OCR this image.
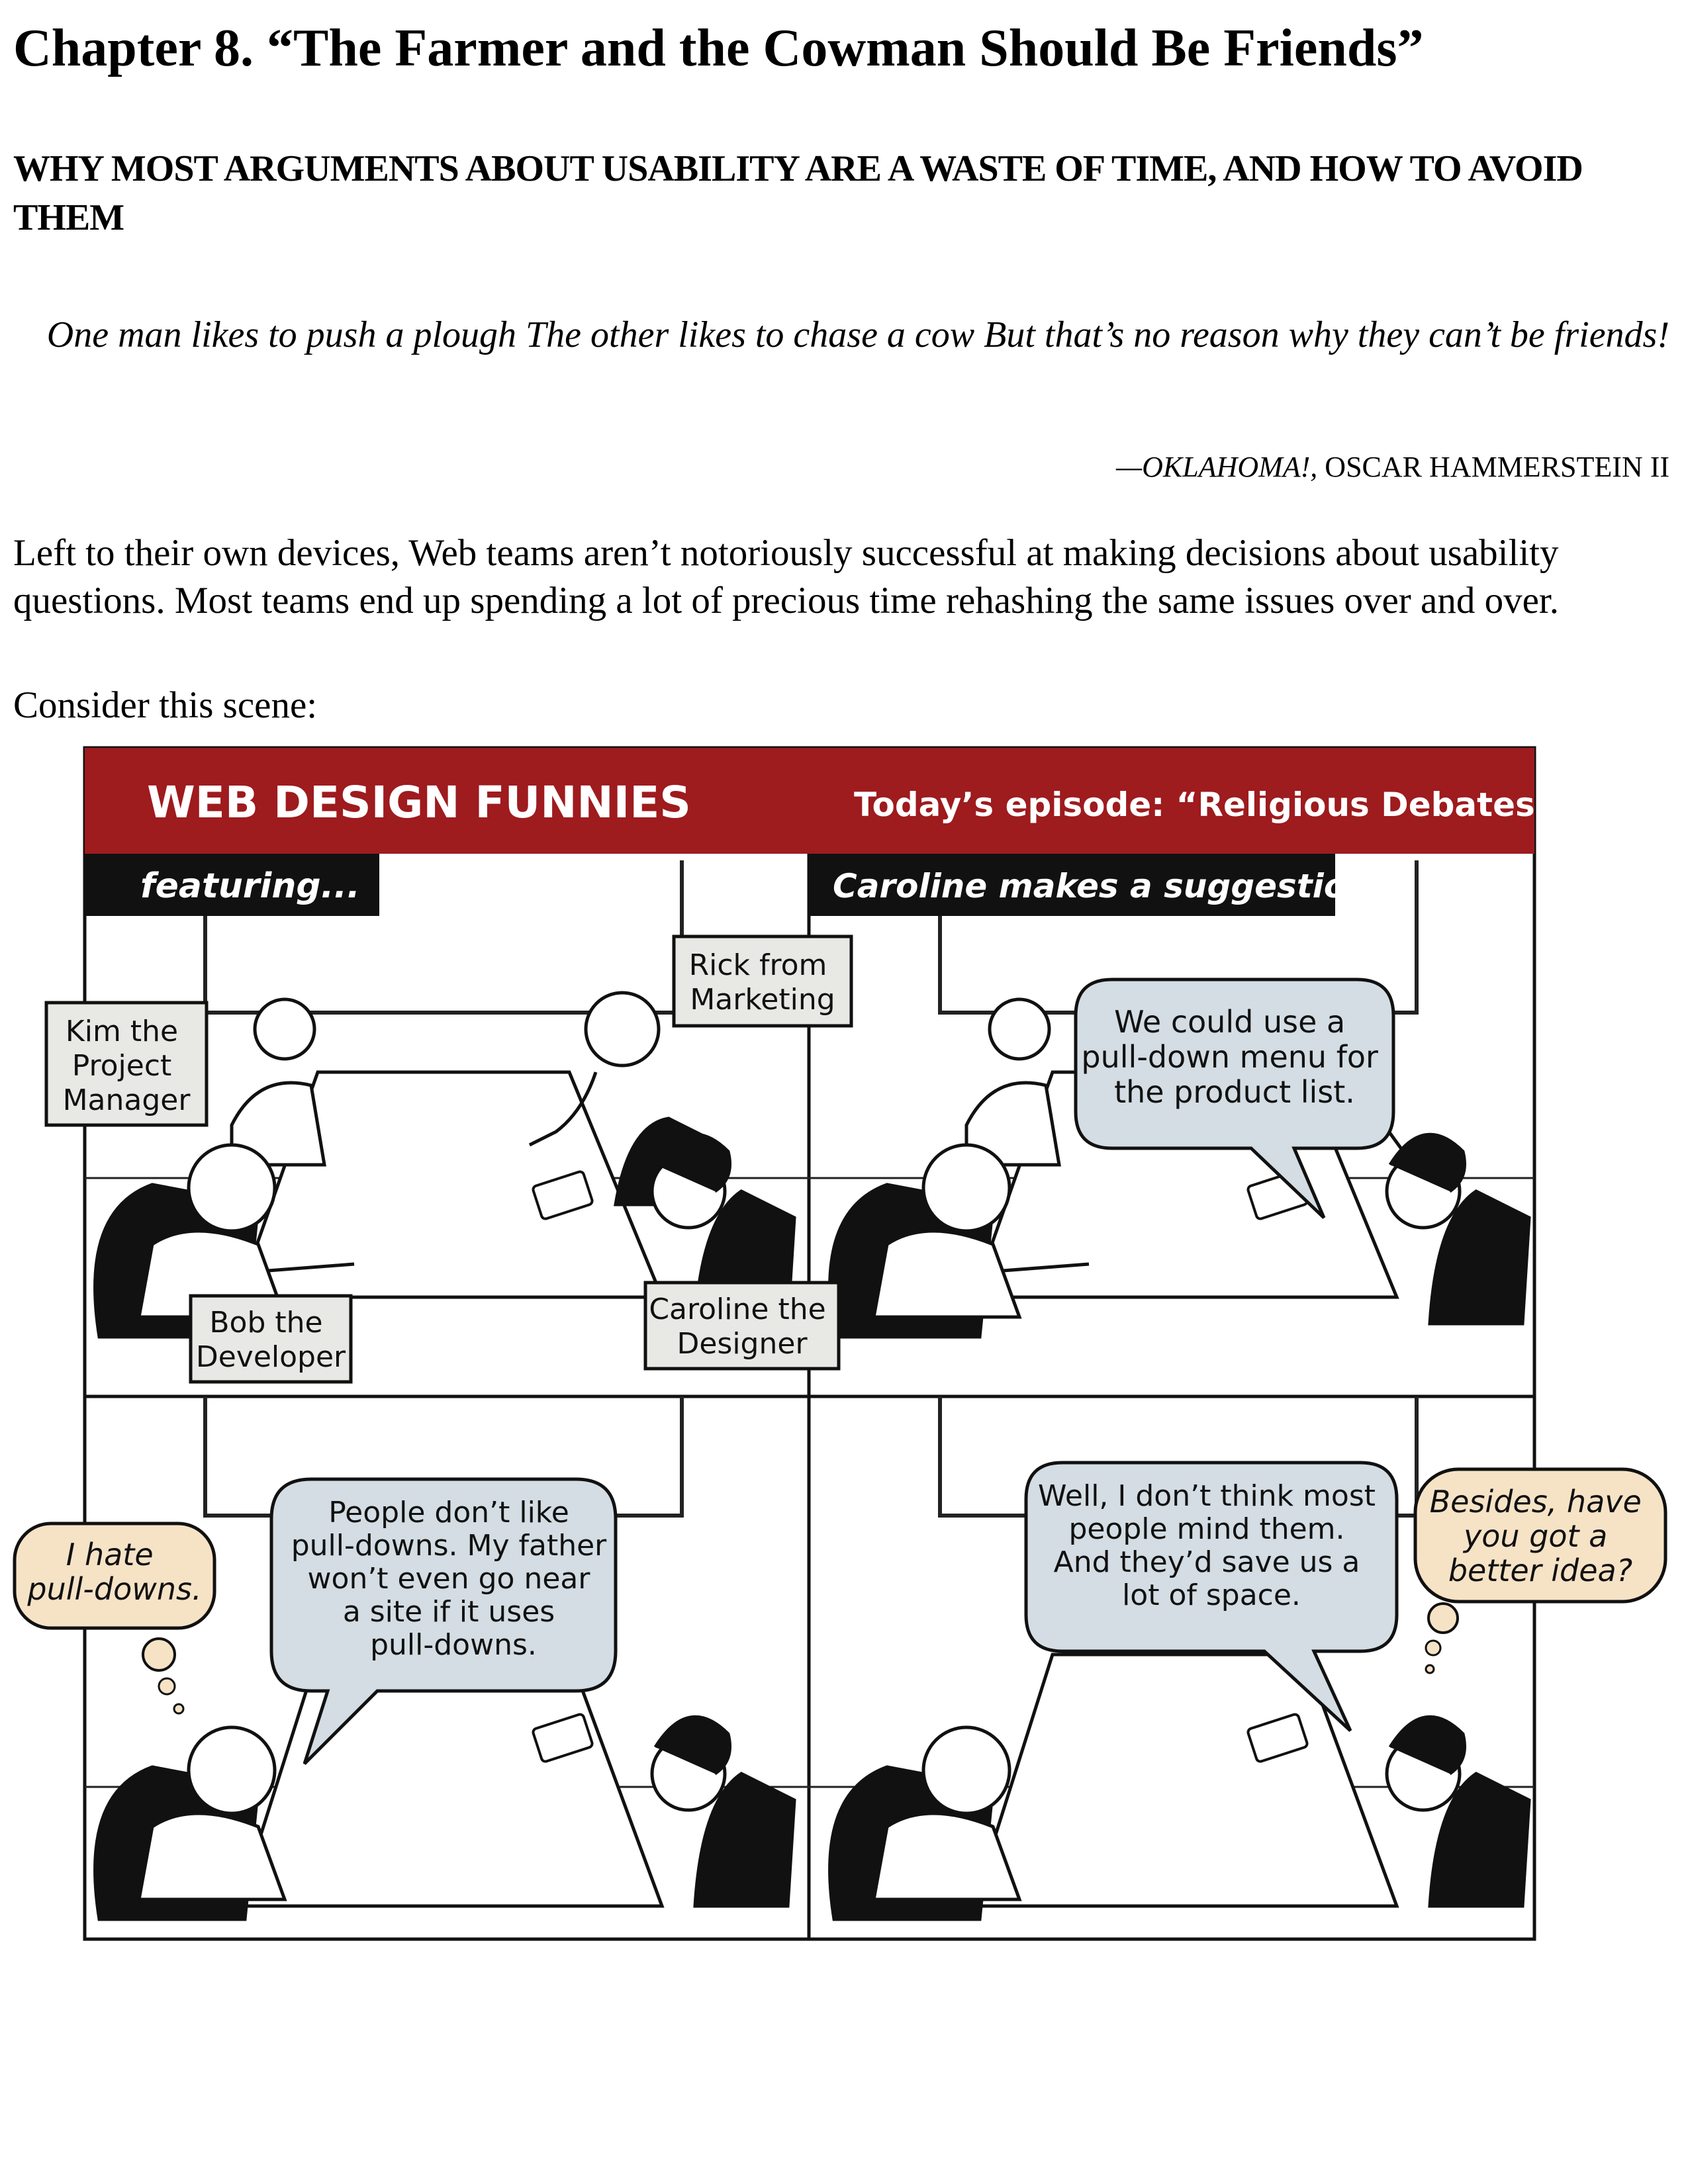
Chapter 8. “The Farmer and the Cowman Should Be Friends”
WHY MOST ARGUMENTS ABOUT USABILITY ARE A WASTE OF TIME, AND HOW TO AVOID THEM
One man likes to push a plough The other likes to chase a cow But that’s no reason why they can’t be friends!
—OKLAHOMA!, OSCAR HAMMERSTEIN II
Left to their own devices, Web teams aren’t notoriously successful at making decisions about usability questions. Most teams end up spending a lot of precious time rehashing the same issues over and over.
Consider this scene:
WEB DESIGN FUNNIES	Today’s episode: “Religious Debates”
featuring...	Caroline makes a suggestion...
Kim the Project Manager
Rick from Marketing
Bob the Developer
Caroline the Designer
We could use a pull-down menu for the product list.
I hate pull-downs.
People don’t like pull-downs. My father won’t even go near a site if it uses pull-downs.
Well, I don’t think most people mind them. And they’d save us a lot of space.
Besides, have you got a better idea?
